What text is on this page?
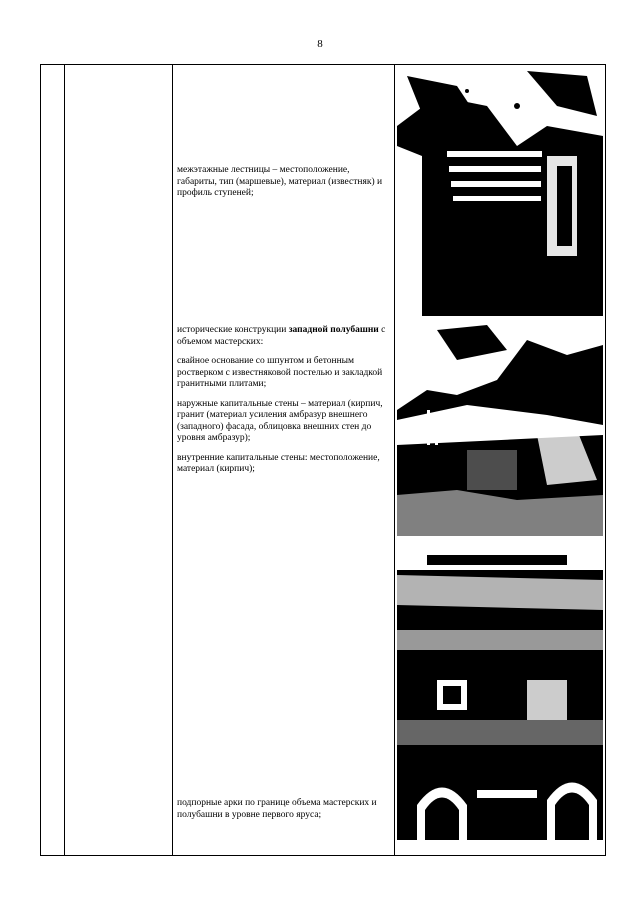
8

межэтажные лестницы – местоположение, габариты, тип (маршевые), материал (известняк) и профиль ступеней;

исторические конструкции западной полубашни с объемом мастерских:

свайное основание со шпунтом и бетонным ростверком с известняковой постелью и закладкой гранитными плитами;

наружные капитальные стены – материал (кирпич, гранит (материал усиления амбразур внешнего (западного) фасада, облицовка внешних стен до уровня амбразур);

внутренние капитальные стены: местоположение, материал (кирпич);

подпорные арки по границе объема мастерских и полубашни в уровне первого яруса;
